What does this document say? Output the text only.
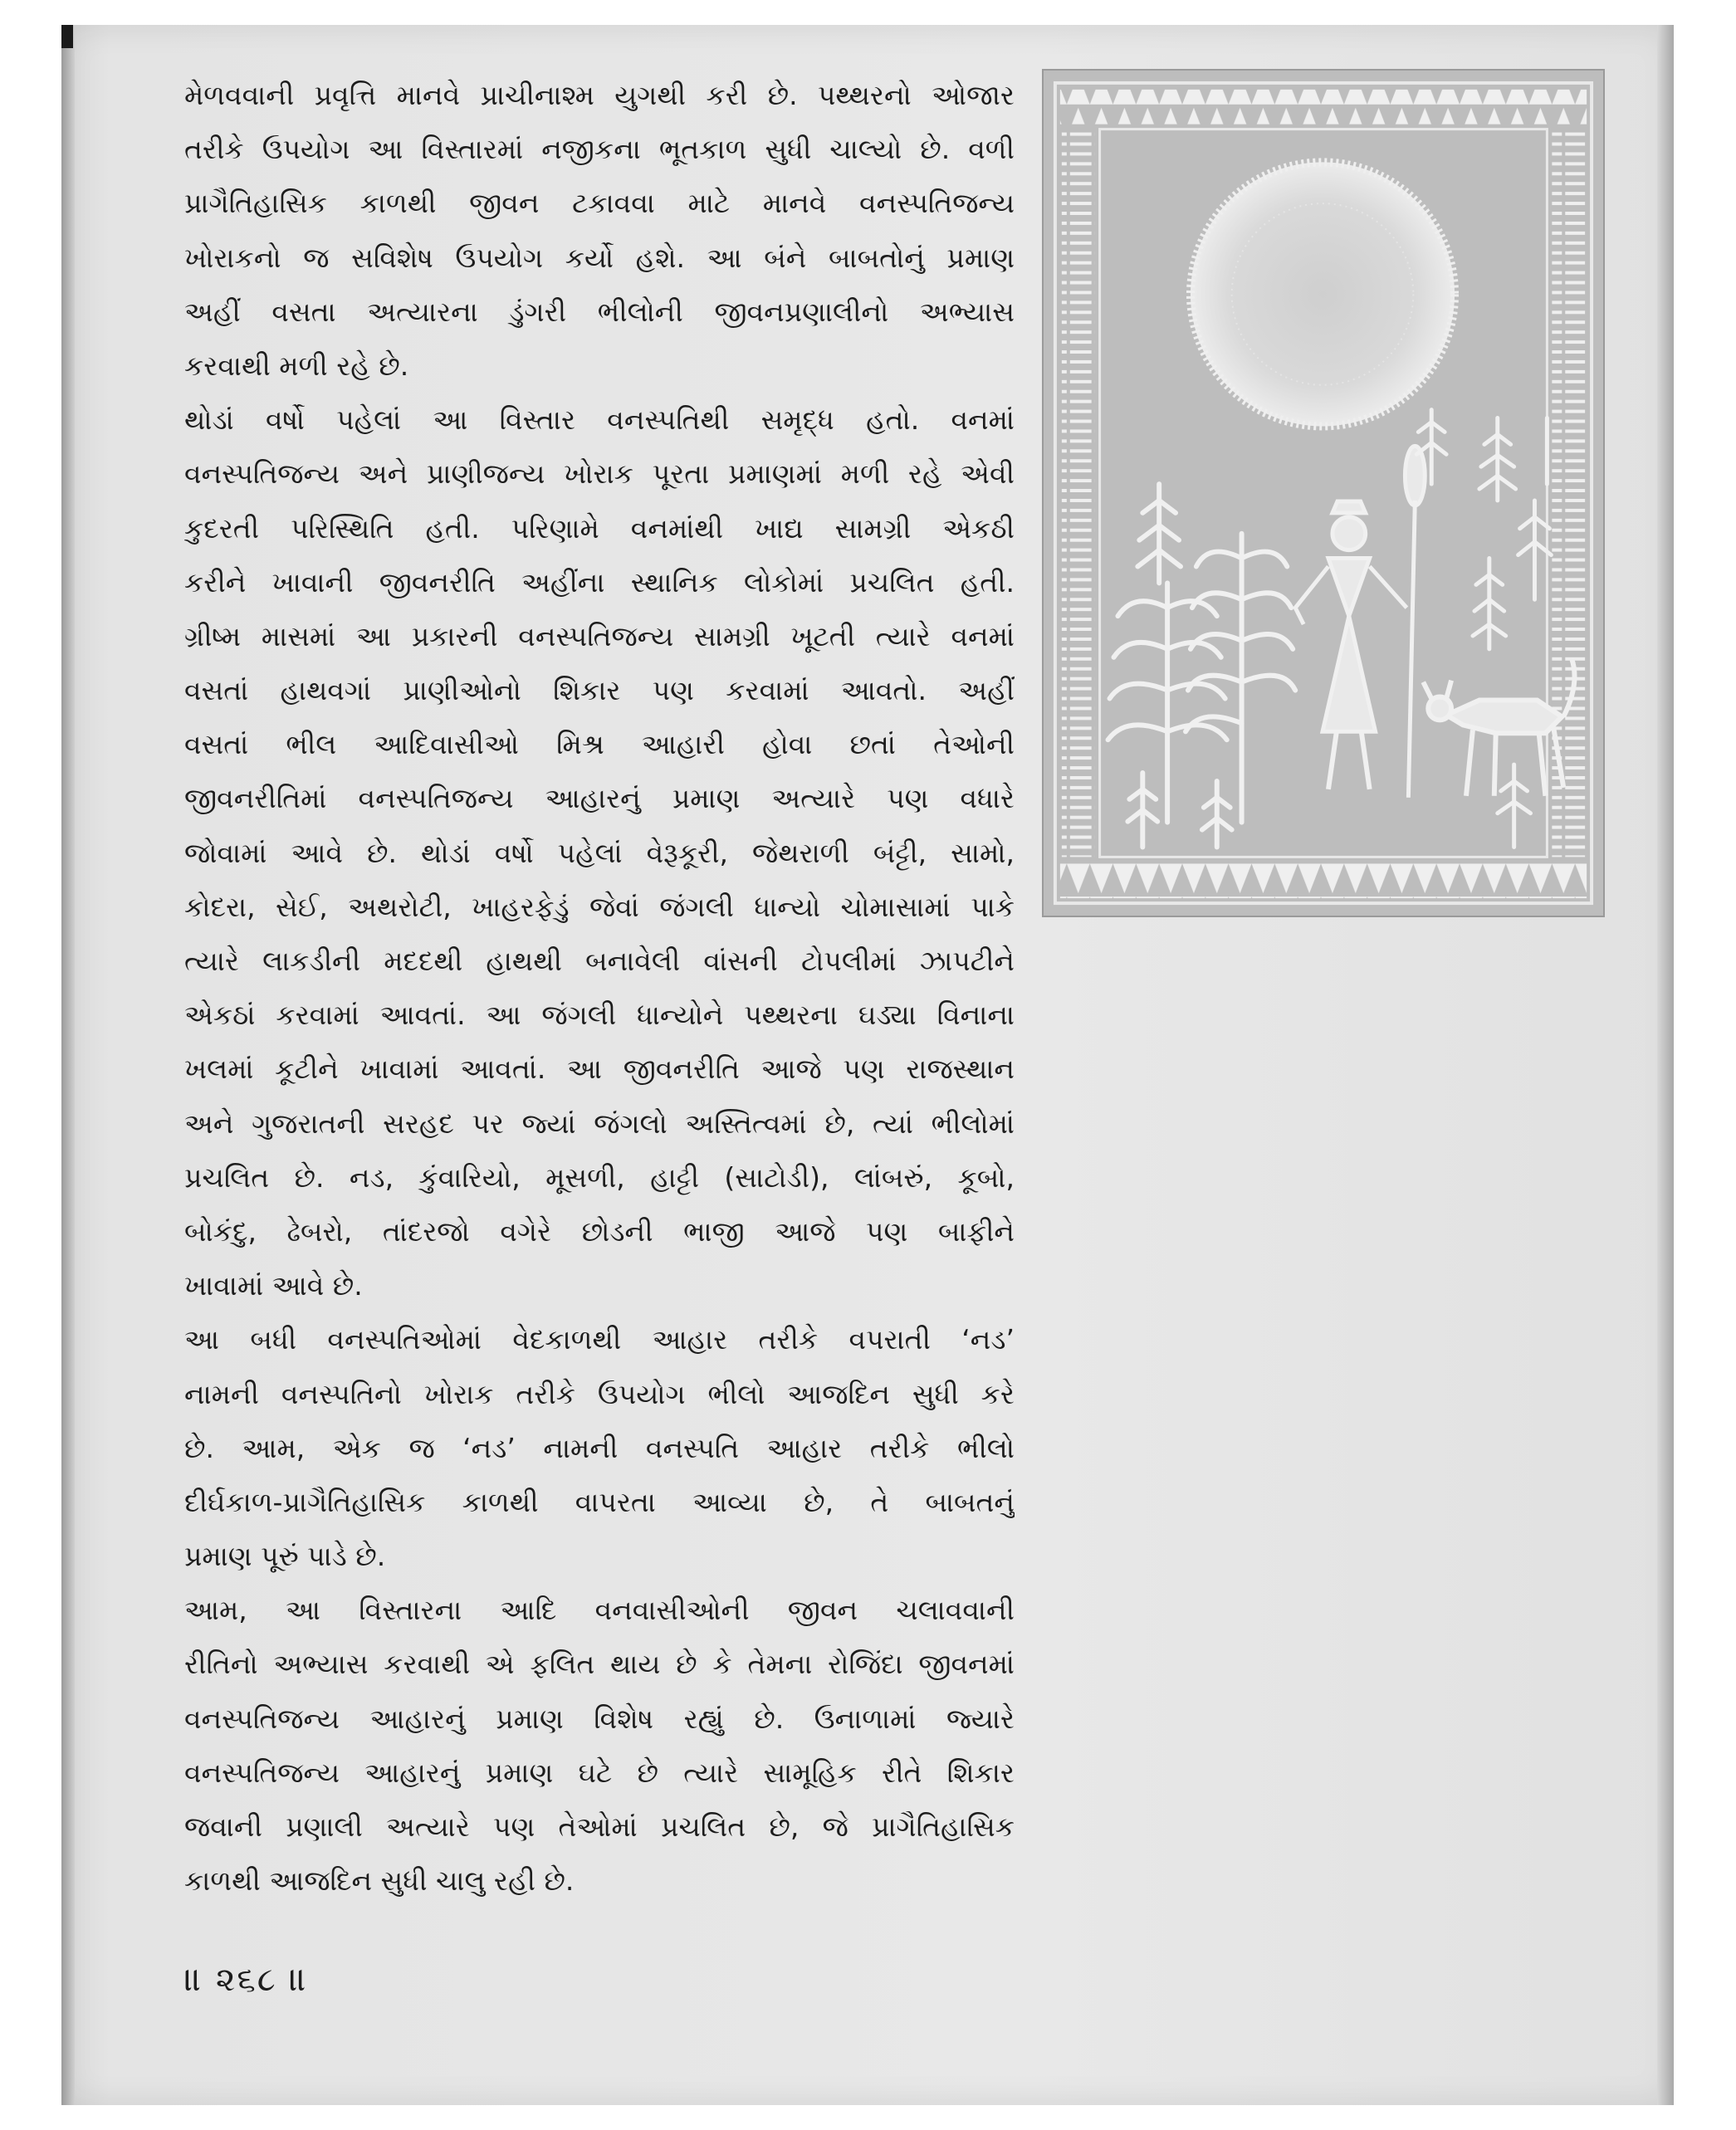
મેળવવાની પ્રવૃત્તિ માનવે પ્રાચીનાશ્મ યુગથી કરી છે. પથ્થરનો ઓજાર
તરીકે ઉપયોગ આ વિસ્તારમાં નજીકના ભૂતકાળ સુધી ચાલ્યો છે. વળી
પ્રાગૈતિહાસિક કાળથી જીવન ટકાવવા માટે માનવે વનસ્પતિજન્ય
ખોરાકનો જ સવિશેષ ઉપયોગ કર્યો હશે. આ બંને બાબતોનું પ્રમાણ
અહીં વસતા અત્યારના ડુંગરી ભીલોની જીવનપ્રણાલીનો અભ્યાસ
કરવાથી મળી રહે છે.
થોડાં વર્ષો પહેલાં આ વિસ્તાર વનસ્પતિથી સમૃદ્ધ હતો. વનમાં
વનસ્પતિજન્ય અને પ્રાણીજન્ય ખોરાક પૂરતા પ્રમાણમાં મળી રહે એવી
કુદરતી પરિસ્થિતિ હતી. પરિણામે વનમાંથી ખાદ્ય સામગ્રી એકઠી
કરીને ખાવાની જીવનરીતિ અહીંના સ્થાનિક લોકોમાં પ્રચલિત હતી.
ગ્રીષ્મ માસમાં આ પ્રકારની વનસ્પતિજન્ય સામગ્રી ખૂટતી ત્યારે વનમાં
વસતાં હાથવગાં પ્રાણીઓનો શિકાર પણ કરવામાં આવતો. અહીં
વસતાં ભીલ આદિવાસીઓ મિશ્ર આહારી હોવા છતાં તેઓની
જીવનરીતિમાં વનસ્પતિજન્ય આહારનું પ્રમાણ અત્યારે પણ વધારે
જોવામાં આવે છે. થોડાં વર્ષો પહેલાં વેરૂકૂરી, જેથરાળી બંટ્ટી, સામો,
કોદરા, સેઈ, અથરોટી, ખાહરફેડું જેવાં જંગલી ધાન્યો ચોમાસામાં પાકે
ત્યારે લાકડીની મદદથી હાથથી બનાવેલી વાંસની ટોપલીમાં ઝાપટીને
એકઠાં કરવામાં આવતાં. આ જંગલી ધાન્યોને પથ્થરના ઘડ્યા વિનાના
ખલમાં કૂટીને ખાવામાં આવતાં. આ જીવનરીતિ આજે પણ રાજસ્થાન
અને ગુજરાતની સરહદ પર જ્યાં જંગલો અસ્તિત્વમાં છે, ત્યાં ભીલોમાં
પ્રચલિત છે. નડ, કુંવારિયો, મૂસળી, હાટ્ટી (સાટોડી), લાંબરું, કૂબો,
બોકંદુ, ઢેબરો, તાંદરજો વગેરે છોડની ભાજી આજે પણ બાફીને
ખાવામાં આવે છે.
આ બધી વનસ્પતિઓમાં વેદકાળથી આહાર તરીકે વપરાતી ‘નડ’
નામની વનસ્પતિનો ખોરાક તરીકે ઉપયોગ ભીલો આજદિન સુધી કરે
છે. આમ, એક જ ‘નડ’ નામની વનસ્પતિ આહાર તરીકે ભીલો
દીર્ઘકાળ-પ્રાગૈતિહાસિક કાળથી વાપરતા આવ્યા છે, તે બાબતનું
પ્રમાણ પૂરું પાડે છે.
આમ, આ વિસ્તારના આદિ વનવાસીઓની જીવન ચલાવવાની
રીતિનો અભ્યાસ કરવાથી એ ફલિત થાય છે કે તેમના રોજિંદા જીવનમાં
વનસ્પતિજન્ય આહારનું પ્રમાણ વિશેષ રહ્યું છે. ઉનાળામાં જ્યારે
વનસ્પતિજન્ય આહારનું પ્રમાણ ઘટે છે ત્યારે સામૂહિક રીતે શિકાર
જવાની પ્રણાલી અત્યારે પણ તેઓમાં પ્રચલિત છે, જે પ્રાગૈતિહાસિક
કાળથી આજદિન સુધી ચાલુ રહી છે.
॥ ૨૬૮ ॥
